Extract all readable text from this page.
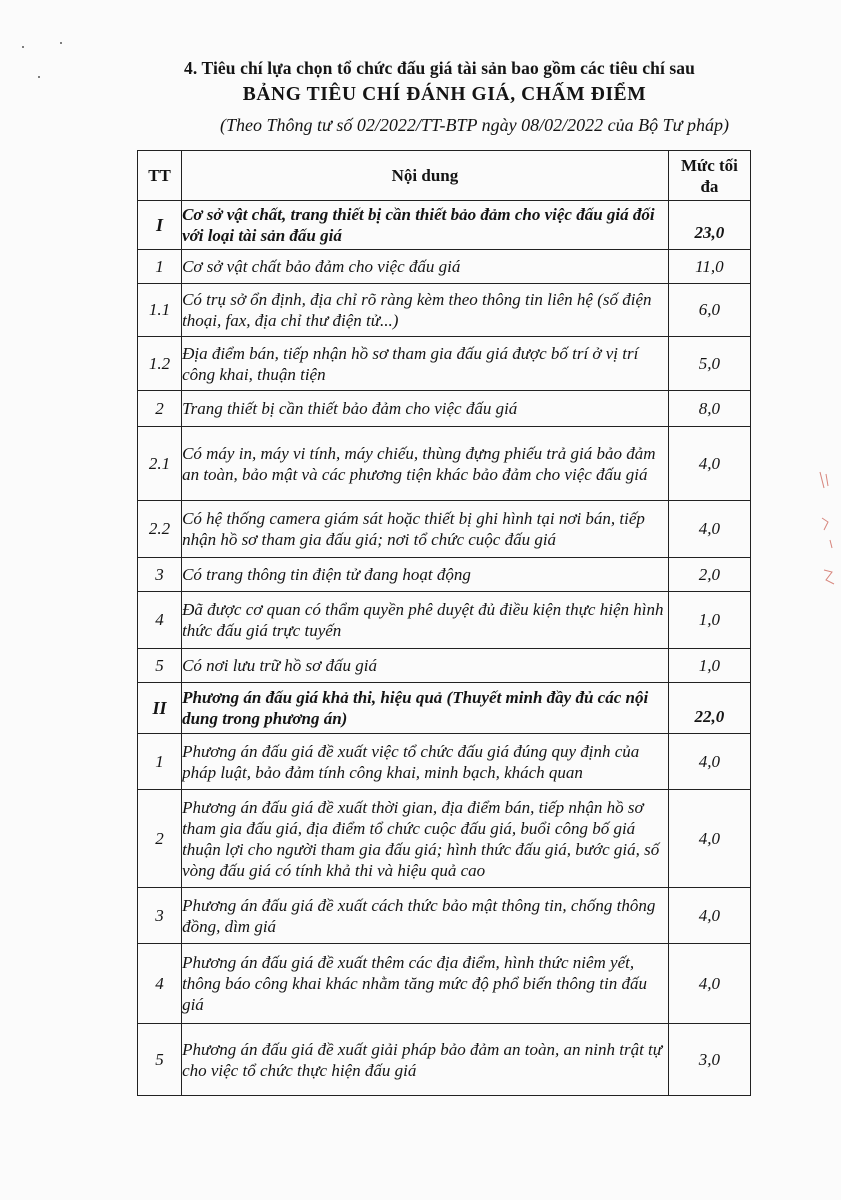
4. Tiêu chí lựa chọn tổ chức đấu giá tài sản bao gồm các tiêu chí sau
BẢNG TIÊU CHÍ ĐÁNH GIÁ, CHẤM ĐIỂM
(Theo Thông tư số 02/2022/TT-BTP ngày 08/02/2022 của Bộ Tư pháp)
TT	Nội dung	Mức tối
đa
I	Cơ sở vật chất, trang thiết bị cần thiết bảo đảm cho việc đấu giá đối với loại tài sản đấu giá	23,0
1	Cơ sở vật chất bảo đảm cho việc đấu giá	11,0
1.1	Có trụ sở ổn định, địa chỉ rõ ràng kèm theo thông tin liên hệ (số điện thoại, fax, địa chỉ thư điện tử...)	6,0
1.2	Địa điểm bán, tiếp nhận hồ sơ tham gia đấu giá được bố trí ở vị trí công khai, thuận tiện	5,0
2	Trang thiết bị cần thiết bảo đảm cho việc đấu giá	8,0
2.1	Có máy in, máy vi tính, máy chiếu, thùng đựng phiếu trả giá bảo đảm an toàn, bảo mật và các phương tiện khác bảo đảm cho việc đấu giá	4,0
2.2	Có hệ thống camera giám sát hoặc thiết bị ghi hình tại nơi bán, tiếp nhận hồ sơ tham gia đấu giá; nơi tổ chức cuộc đấu giá	4,0
3	Có trang thông tin điện tử đang hoạt động	2,0
4	Đã được cơ quan có thẩm quyền phê duyệt đủ điều kiện thực hiện hình thức đấu giá trực tuyến	1,0
5	Có nơi lưu trữ hồ sơ đấu giá	1,0
II	Phương án đấu giá khả thi, hiệu quả (Thuyết minh đầy đủ các nội dung trong phương án)	22,0
1	Phương án đấu giá đề xuất việc tổ chức đấu giá đúng quy định của pháp luật, bảo đảm tính công khai, minh bạch, khách quan	4,0
2	Phương án đấu giá đề xuất thời gian, địa điểm bán, tiếp nhận hồ sơ tham gia đấu giá, địa điểm tổ chức cuộc đấu giá, buổi công bố giá thuận lợi cho người tham gia đấu giá; hình thức đấu giá, bước giá, số vòng đấu giá có tính khả thi và hiệu quả cao	4,0
3	Phương án đấu giá đề xuất cách thức bảo mật thông tin, chống thông đồng, dìm giá	4,0
4	Phương án đấu giá đề xuất thêm các địa điểm, hình thức niêm yết, thông báo công khai khác nhằm tăng mức độ phổ biến thông tin đấu giá	4,0
5	Phương án đấu giá đề xuất giải pháp bảo đảm an toàn, an ninh trật tự cho việc tổ chức thực hiện đấu giá	3,0
